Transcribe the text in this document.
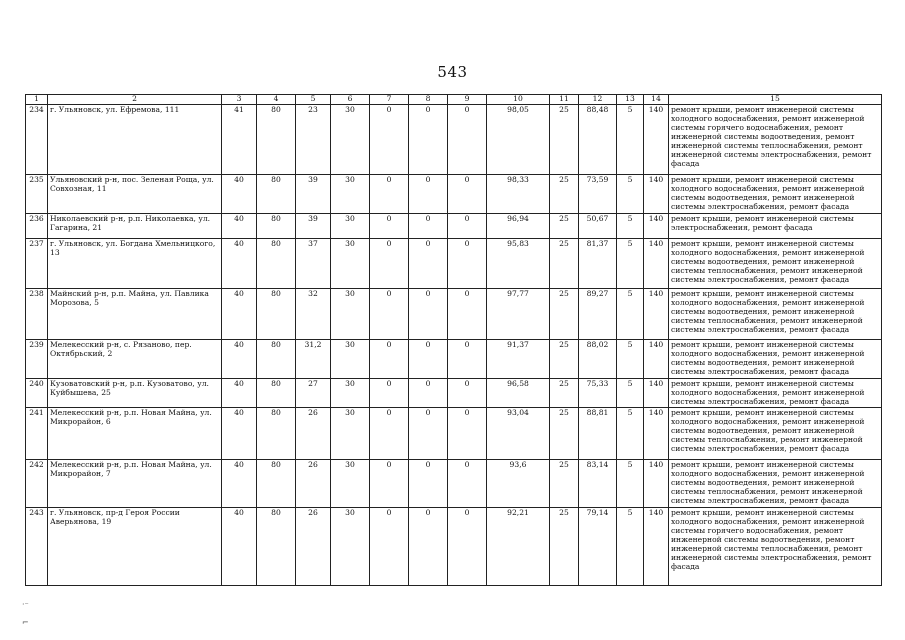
543
1	2	3	4	5	6	7	8	9	10	11	12	13	14	15
234	г. Ульяновск, ул. Ефремова, 111	41	80	23	30	0	0	0	98,05	25	88,48	5	140	ремонт крыши, ремонт инженерной системы холодного водоснабжения, ремонт инженерной системы горячего водоснабжения, ремонт инженерной системы водоотведения, ремонт инженерной системы теплоснабжения, ремонт инженерной системы электроснабжения, ремонт фасада
235	Ульяновский р-н, пос. Зеленая Роща, ул. Совхозная, 11	40	80	39	30	0	0	0	98,33	25	73,59	5	140	ремонт крыши, ремонт инженерной системы холодного водоснабжения, ремонт инженерной системы водоотведения, ремонт инженерной системы электроснабжения, ремонт фасада
236	Николаевский р-н, р.п. Николаевка, ул. Гагарина, 21	40	80	39	30	0	0	0	96,94	25	50,67	5	140	ремонт крыши, ремонт инженерной системы электроснабжения, ремонт фасада
237	г. Ульяновск, ул. Богдана Хмельницкого, 13	40	80	37	30	0	0	0	95,83	25	81,37	5	140	ремонт крыши, ремонт инженерной системы холодного водоснабжения, ремонт инженерной системы водоотведения, ремонт инженерной системы теплоснабжения, ремонт инженерной системы электроснабжения, ремонт фасада
238	Майнский р-н, р.п. Майна, ул. Павлика Морозова, 5	40	80	32	30	0	0	0	97,77	25	89,27	5	140	ремонт крыши, ремонт инженерной системы холодного водоснабжения, ремонт инженерной системы водоотведения, ремонт инженерной системы теплоснабжения, ремонт инженерной системы электроснабжения, ремонт фасада
239	Мелекесский р-н, с. Рязаново, пер. Октябрьский, 2	40	80	31,2	30	0	0	0	91,37	25	88,02	5	140	ремонт крыши, ремонт инженерной системы холодного водоснабжения, ремонт инженерной системы водоотведения, ремонт инженерной системы электроснабжения, ремонт фасада
240	Кузоватовский р-н, р.п. Кузоватово, ул. Куйбышева, 25	40	80	27	30	0	0	0	96,58	25	75,33	5	140	ремонт крыши, ремонт инженерной системы холодного водоснабжения, ремонт инженерной системы электроснабжения, ремонт фасада
241	Мелекесский р-н, р.п. Новая Майна, ул. Микрорайон, 6	40	80	26	30	0	0	0	93,04	25	88,81	5	140	ремонт крыши, ремонт инженерной системы холодного водоснабжения, ремонт инженерной системы водоотведения, ремонт инженерной системы теплоснабжения, ремонт инженерной системы электроснабжения, ремонт фасада
242	Мелекесский р-н, р.п. Новая Майна, ул. Микрорайон, 7	40	80	26	30	0	0	0	93,6	25	83,14	5	140	ремонт крыши, ремонт инженерной системы холодного водоснабжения, ремонт инженерной системы водоотведения, ремонт инженерной системы теплоснабжения, ремонт инженерной системы электроснабжения, ремонт фасада
243	г. Ульяновск, пр-д Героя России Аверьянова, 19	40	80	26	30	0	0	0	92,21	25	79,14	5	140	ремонт крыши, ремонт инженерной системы холодного водоснабжения, ремонт инженерной системы горячего водоснабжения, ремонт инженерной системы водоотведения, ремонт инженерной системы теплоснабжения, ремонт инженерной системы электроснабжения, ремонт фасада
·⁻
⌐
